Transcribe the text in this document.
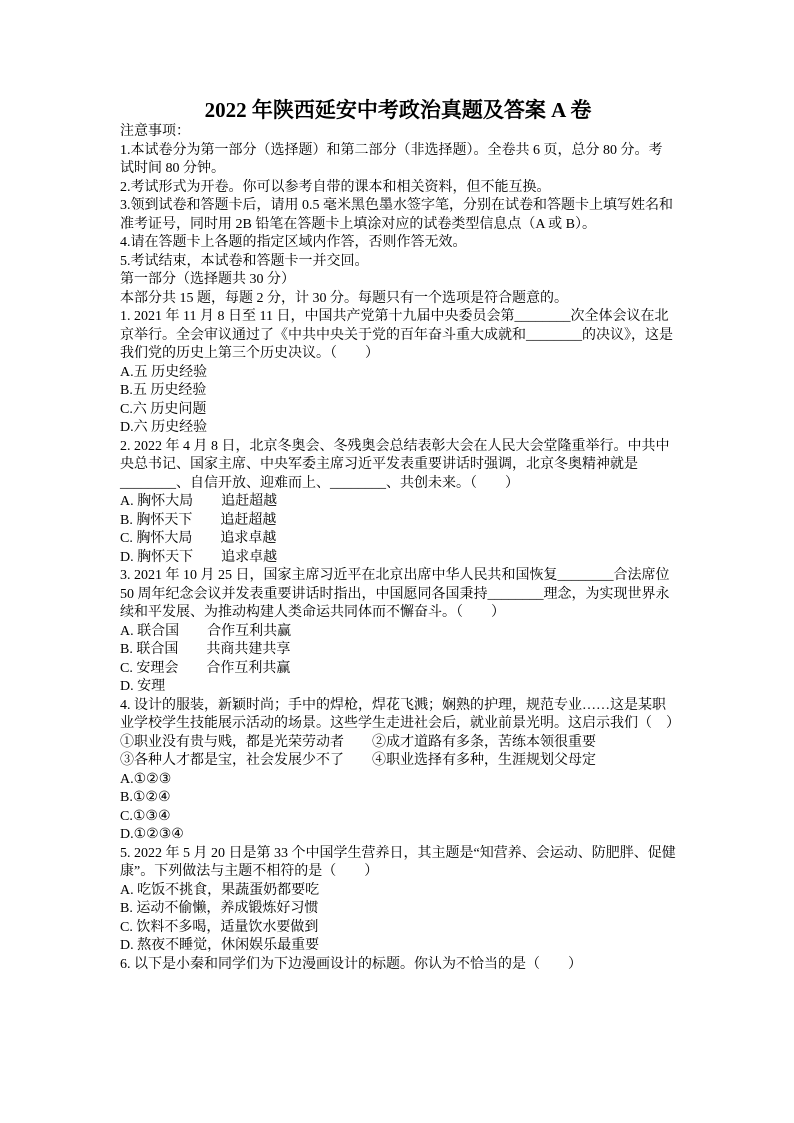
2022 年陕西延安中考政治真题及答案 A 卷

注意事项：

1.本试卷分为第一部分（选择题）和第二部分（非选择题）。全卷共 6 页，总分 80 分。考试时间 80 分钟。

2.考试形式为开卷。你可以参考自带的课本和相关资料，但不能互换。

3.领到试卷和答题卡后，请用 0.5 毫米黑色墨水签字笔，分别在试卷和答题卡上填写姓名和准考证号，同时用 2B 铅笔在答题卡上填涂对应的试卷类型信息点（A 或 B）。

4.请在答题卡上各题的指定区域内作答，否则作答无效。

5.考试结束，本试卷和答题卡一并交回。

第一部分（选择题共 30 分）

本部分共 15 题，每题 2 分，计 30 分。每题只有一个选项是符合题意的。

1. 2021 年 11 月 8 日至 11 日，中国共产党第十九届中央委员会第________次全体会议在北京举行。全会审议通过了《中共中央关于党的百年奋斗重大成就和________的决议》，这是我们党的历史上第三个历史决议。（　　）

A.五 历史经验

B.五 历史经验

C.六 历史问题

D.六 历史经验

2. 2022 年 4 月 8 日，北京冬奥会、冬残奥会总结表彰大会在人民大会堂隆重举行。中共中央总书记、国家主席、中央军委主席习近平发表重要讲话时强调，北京冬奥精神就是________、自信开放、迎难而上、________、共创未来。（　　）

A. 胸怀大局　　追赶超越

B. 胸怀天下　　追赶超越

C. 胸怀大局　　追求卓越

D. 胸怀天下　　追求卓越

3. 2021 年 10 月 25 日，国家主席习近平在北京出席中华人民共和国恢复________合法席位 50 周年纪念会议并发表重要讲话时指出，中国愿同各国秉持________理念，为实现世界永续和平发展、为推动构建人类命运共同体而不懈奋斗。（　　）

A. 联合国　　合作互利共赢

B. 联合国　　共商共建共享

C. 安理会　　合作互利共赢

D. 安理

4. 设计的服装，新颖时尚；手中的焊枪，焊花飞溅；娴熟的护理，规范专业……这是某职业学校学生技能展示活动的场景。这些学生走进社会后，就业前景光明。这启示我们（　）

①职业没有贵与贱，都是光荣劳动者　　②成才道路有多条，苦练本领很重要

③各种人才都是宝，社会发展少不了　　④职业选择有多种，生涯规划父母定

A.①②③

B.①②④

C.①③④

D.①②③④

5. 2022 年 5 月 20 日是第 33 个中国学生营养日，其主题是“知营养、会运动、防肥胖、促健康”。下列做法与主题不相符的是（　　）

A. 吃饭不挑食，果蔬蛋奶都要吃

B. 运动不偷懒，养成锻炼好习惯

C. 饮料不多喝，适量饮水要做到

D. 熬夜不睡觉，休闲娱乐最重要

6. 以下是小秦和同学们为下边漫画设计的标题。你认为不恰当的是（　　）
